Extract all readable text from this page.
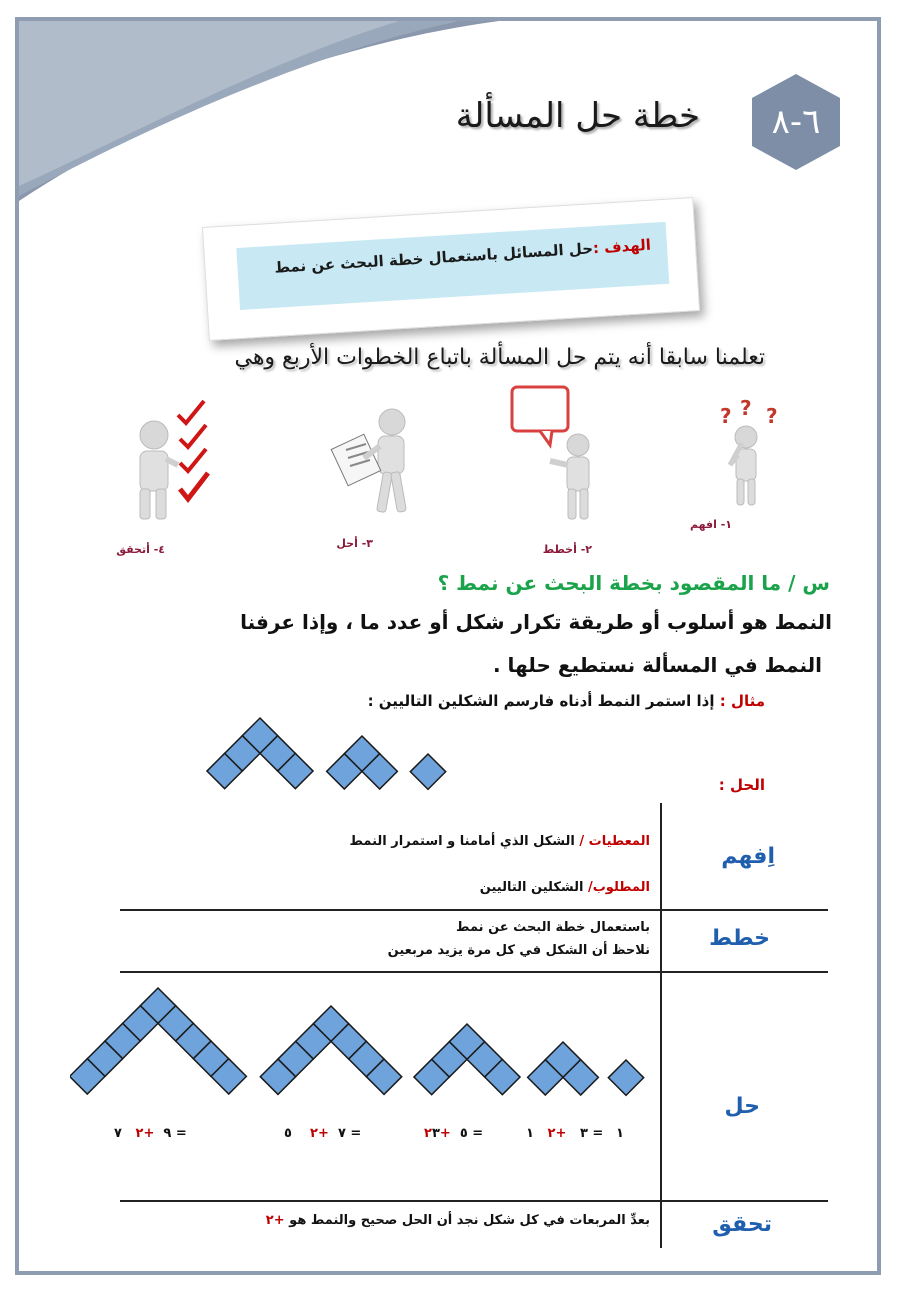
٦-٨
خطة حل المسألة
الهدف :حل المسائل باستعمال خطة البحث عن نمط
تعلمنا سابقا أنه يتم حل المسألة باتباع الخطوات الأربع وهي
? ? ?
١- افهم
٢- أخطط
٣- أحل
٤- أتحقق
س / ما المقصود بخطة البحث عن نمط ؟
النمط هو أسلوب أو طريقة تكرار شكل أو عدد ما ، وإذا عرفنا
النمط في المسألة نستطيع حلها .
مثال : إذا استمر النمط أدناه فارسم الشكلين التاليين :
الحل :
اِفهم
خطط
حل
تحقق
المعطيات / الشكل الذي أمامنا و استمرار النمط
المطلوب/ الشكلين التاليين
باستعمال خطة البحث عن نمط
نلاحظ أن الشكل في كل مرة يزيد مربعين
١
= ٣   +٢   ١
= ٥  +٢٣
= ٧  +٢    ٥
= ٩  +٢   ٧
بعدِّ المربعات في كل شكل نجد أن الحل صحيح والنمط هو +٢
